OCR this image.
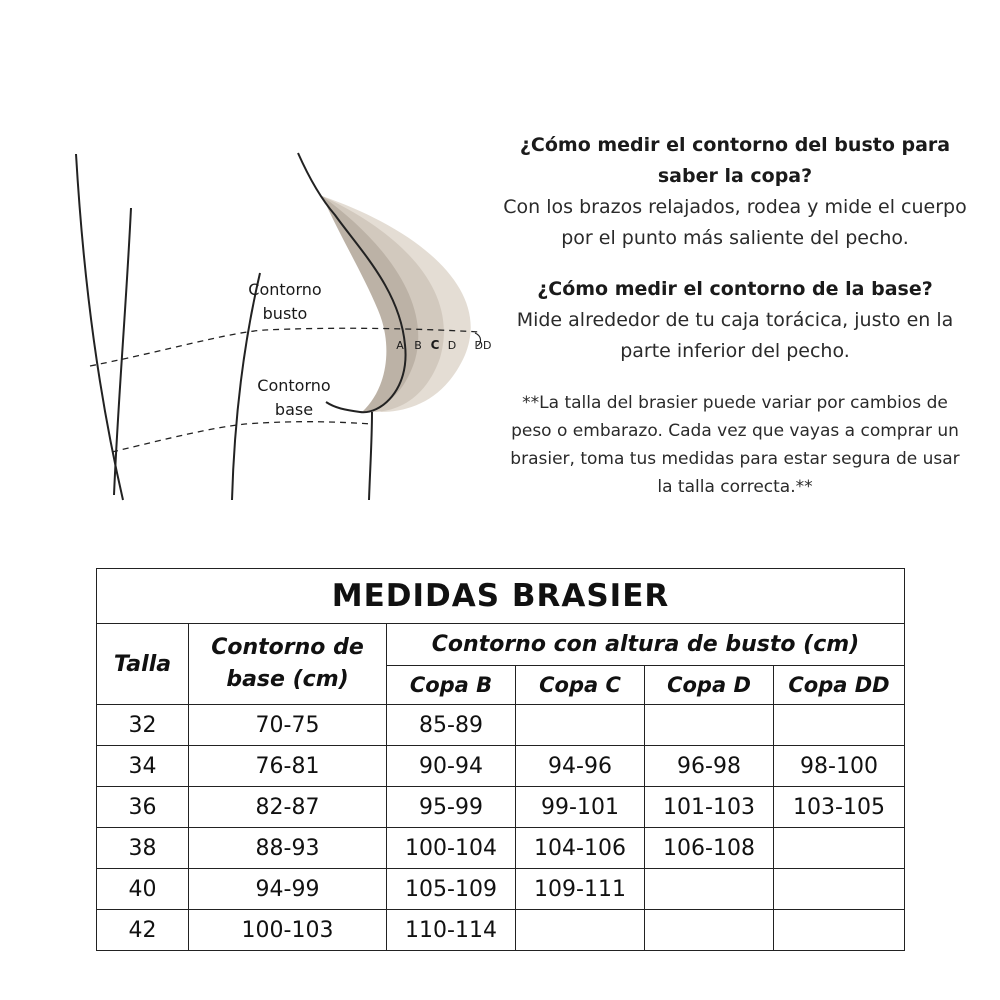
Contorno
busto
Contorno
base
A B C D DD
¿Cómo medir el contorno del busto para saber la copa?
Con los brazos relajados, rodea y mide el cuerpo por el punto más saliente del pecho.
¿Cómo medir el contorno de la base?
Mide alrededor de tu caja torácica, justo en la parte inferior del pecho.
**La talla del brasier puede variar por cambios de peso o embarazo. Cada vez que vayas a comprar un brasier, toma tus medidas para estar segura de usar la talla correcta.**
MEDIDAS BRASIER					
Talla	Contorno de base (cm)	Contorno con altura de busto (cm)			
		Copa B	Copa C	Copa D	Copa DD
32	70-75	85-89			
34	76-81	90-94	94-96	96-98	98-100
36	82-87	95-99	99-101	101-103	103-105
38	88-93	100-104	104-106	106-108	
40	94-99	105-109	109-111		
42	100-103	110-114			
